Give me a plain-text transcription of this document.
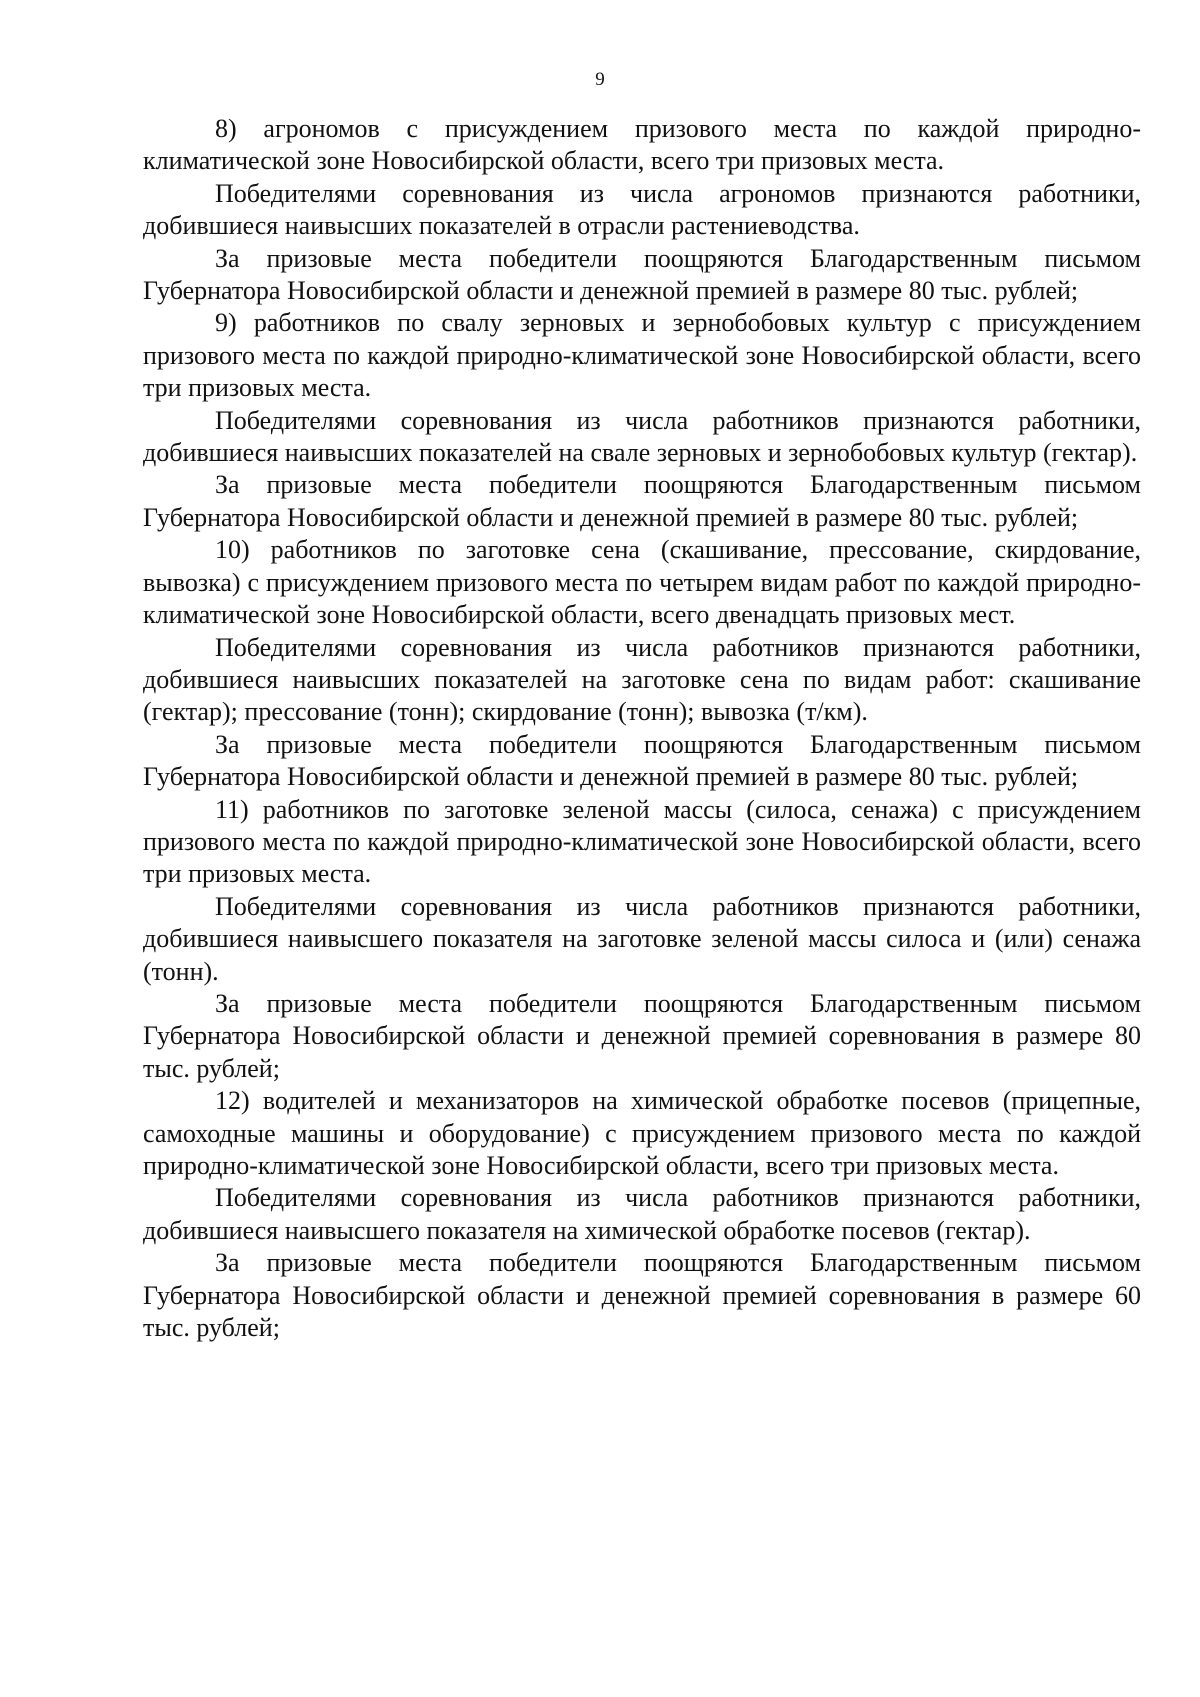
9

8) агрономов с присуждением призового места по каждой природно-климатической зоне Новосибирской области, всего три призовых места.

Победителями соревнования из числа агрономов признаются работники, добившиеся наивысших показателей в отрасли растениеводства.

За призовые места победители поощряются Благодарственным письмом Губернатора Новосибирской области и денежной премией в размере 80 тыс. рублей;

9) работников по свалу зерновых и зернобобовых культур с присуждением призового места по каждой природно-климатической зоне Новосибирской области, всего три призовых места.

Победителями соревнования из числа работников признаются работники, добившиеся наивысших показателей на свале зерновых и зернобобовых культур (гектар).

За призовые места победители поощряются Благодарственным письмом Губернатора Новосибирской области и денежной премией в размере 80 тыс. рублей;

10) работников по заготовке сена (скашивание, прессование, скирдование, вывозка) с присуждением призового места по четырем видам работ по каждой природно-климатической зоне Новосибирской области, всего двенадцать призовых мест.

Победителями соревнования из числа работников признаются работники, добившиеся наивысших показателей на заготовке сена по видам работ: скашивание (гектар); прессование (тонн); скирдование (тонн); вывозка (т/км).

За призовые места победители поощряются Благодарственным письмом Губернатора Новосибирской области и денежной премией в размере 80 тыс. рублей;

11) работников по заготовке зеленой массы (силоса, сенажа) с присуждением призового места по каждой природно-климатической зоне Новосибирской области, всего три призовых места.

Победителями соревнования из числа работников признаются работники, добившиеся наивысшего показателя на заготовке зеленой массы силоса и (или) сенажа (тонн).

За призовые места победители поощряются Благодарственным письмом Губернатора Новосибирской области и денежной премией соревнования в размере 80 тыс. рублей;

12) водителей и механизаторов на химической обработке посевов (прицепные, самоходные машины и оборудование) с присуждением призового места по каждой природно-климатической зоне Новосибирской области, всего три призовых места.

Победителями соревнования из числа работников признаются работники, добившиеся наивысшего показателя на химической обработке посевов (гектар).

За призовые места победители поощряются Благодарственным письмом Губернатора Новосибирской области и денежной премией соревнования в размере 60 тыс. рублей;
